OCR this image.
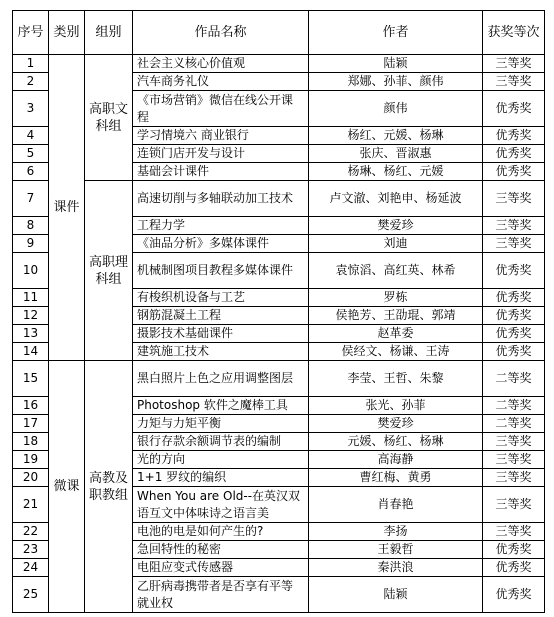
序号	类别	组别	作品名称	作者	获奖等次
1	课件	高职文科组	社会主义核心价值观	陆颖	三等奖
2			汽车商务礼仪	郑娜、孙菲、颜伟	三等奖
3			《市场营销》微信在线公开课程	颜伟	优秀奖
4			学习情境六 商业银行	杨红、元媛、杨琳	优秀奖
5			连锁门店开发与设计	张庆、晋淑惠	优秀奖
6			基础会计课件	杨琳、杨红、元媛	优秀奖
7		高职理科组	高速切削与多轴联动加工技术	卢文澈、刘艳申、杨延波	三等奖
8			工程力学	樊爱珍	三等奖
9			《油品分析》多媒体课件	刘迪	三等奖
10			机械制图项目教程多媒体课件	袁惊滔、高红英、林希	优秀奖
11			有梭织机设备与工艺	罗栋	优秀奖
12			钢筋混凝土工程	侯艳芳、王劭琨、郭靖	优秀奖
13			摄影技术基础课件	赵革委	优秀奖
14			建筑施工技术	侯经文、杨谦、王涛	优秀奖
15	微课	高教及职教组	黑白照片上色之应用调整图层	李莹、王哲、朱黎	二等奖
16			Photoshop 软件之魔棒工具	张光、孙菲	二等奖
17			力矩与力矩平衡	樊爱珍	二等奖
18			银行存款余额调节表的编制	元媛、杨红、杨琳	三等奖
19			光的方向	高海静	三等奖
20			1+1 罗纹的编织	曹红梅、黄勇	三等奖
21			When You are Old--在英汉双语互文中体味诗之语言美	肖春艳	三等奖
22			电池的电是如何产生的?	李扬	三等奖
23			急回特性的秘密	王毅哲	优秀奖
24			电阻应变式传感器	秦洪浪	优秀奖
25			乙肝病毒携带者是否享有平等就业权	陆颖	优秀奖
